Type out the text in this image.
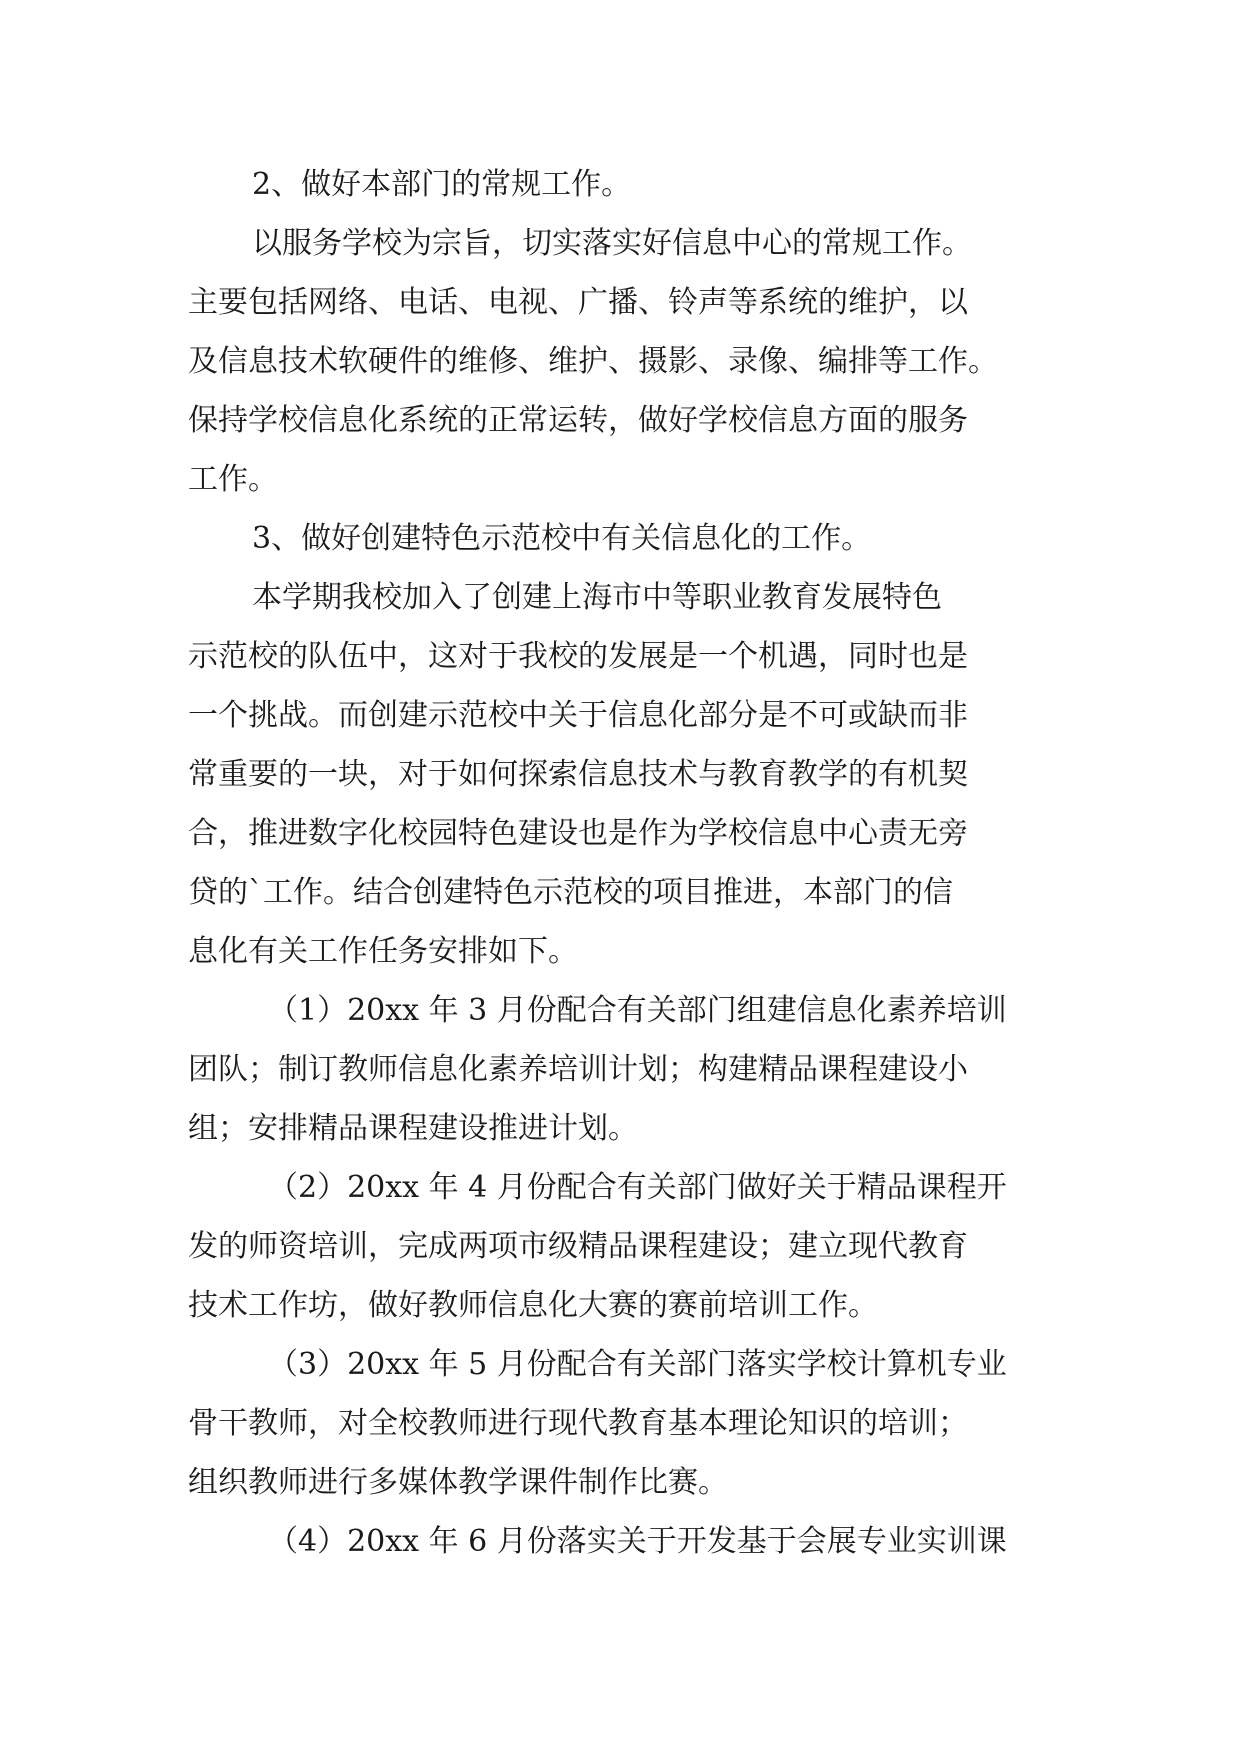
2、做好本部门的常规工作。
以服务学校为宗旨，切实落实好信息中心的常规工作。
主要包括网络、电话、电视、广播、铃声等系统的维护，以
及信息技术软硬件的维修、维护、摄影、录像、编排等工作。
保持学校信息化系统的正常运转，做好学校信息方面的服务
工作。
3、做好创建特色示范校中有关信息化的工作。
本学期我校加入了创建上海市中等职业教育发展特色
示范校的队伍中，这对于我校的发展是一个机遇，同时也是
一个挑战。而创建示范校中关于信息化部分是不可或缺而非
常重要的一块，对于如何探索信息技术与教育教学的有机契
合，推进数字化校园特色建设也是作为学校信息中心责无旁
贷的`工作。结合创建特色示范校的项目推进，本部门的信
息化有关工作任务安排如下。
（1）20xx 年 3 月份配合有关部门组建信息化素养培训
团队；制订教师信息化素养培训计划；构建精品课程建设小
组；安排精品课程建设推进计划。
（2）20xx 年 4 月份配合有关部门做好关于精品课程开
发的师资培训，完成两项市级精品课程建设；建立现代教育
技术工作坊，做好教师信息化大赛的赛前培训工作。
（3）20xx 年 5 月份配合有关部门落实学校计算机专业
骨干教师，对全校教师进行现代教育基本理论知识的培训；
组织教师进行多媒体教学课件制作比赛。
（4）20xx 年 6 月份落实关于开发基于会展专业实训课
